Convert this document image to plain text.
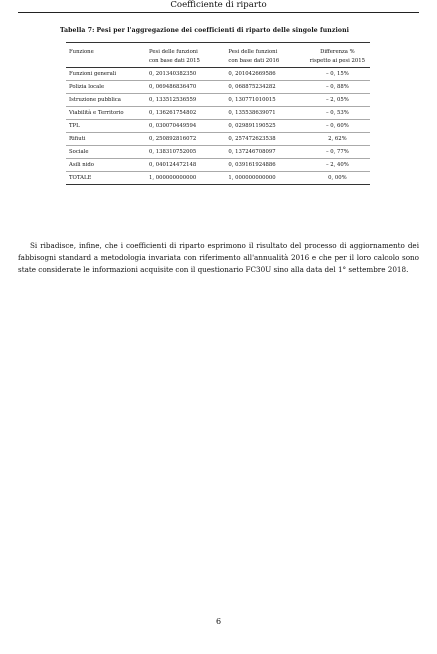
Coefficiente di riparto
Tabella 7: Pesi per l'aggregazione dei coefficienti di riparto delle singole funzioni
Funzione	Pesi delle funzioni	Pesi delle funzioni	Differenza %
	con base dati 2015	con base dati 2016	rispetto ai pesi 2015
Funzioni generali	0, 201340382350	0, 201042669586	– 0, 15%
Polizia locale	0, 069486836470	0, 068875234282	– 0, 88%
Istruzione pubblica	0, 133512536559	0, 130771010015	– 2, 05%
Viabilità e Territorio	0, 136261754802	0, 135538639071	– 0, 53%
TPL	0, 030070449594	0, 029891190525	– 0, 60%
Rifiuti	0, 250892816072	0, 257472623538	2, 62%
Sociale	0, 138310752005	0, 137246708097	– 0, 77%
Asili nido	0, 040124472148	0, 039161924886	– 2, 40%
TOTALE	1, 000000000000	1, 000000000000	0, 00%

Si ribadisce, infine, che i coefficienti di riparto esprimono il risultato del processo di aggiornamento dei fabbisogni standard a metodologia invariata con riferimento all'annualità 2016 e che per il loro calcolo sono state considerate le informazioni acquisite con il questionario FC30U sino alla data del 1° settembre 2018.

6
